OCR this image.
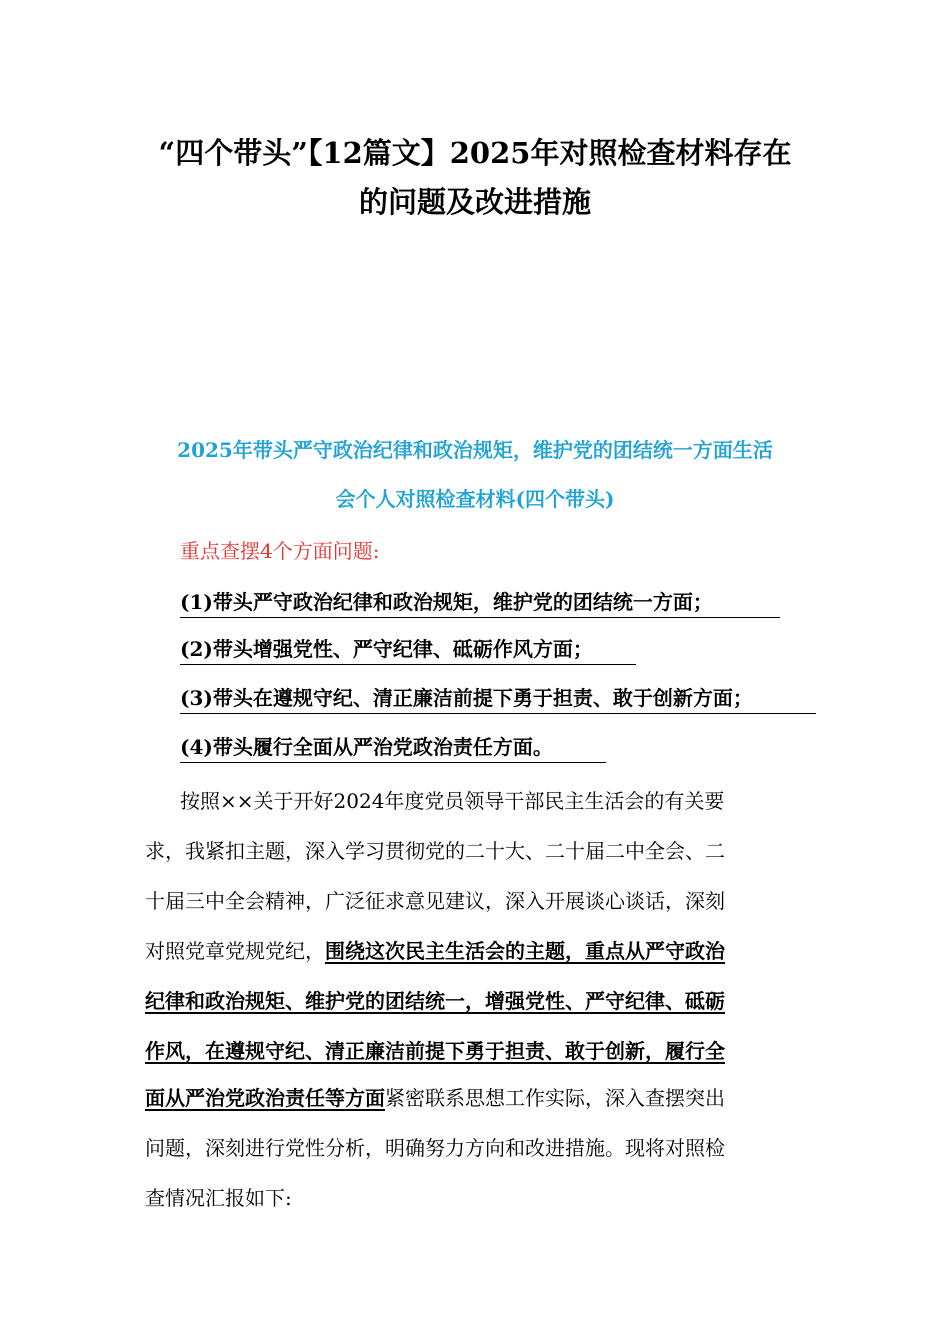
“四个带头”【12篇文】2025年对照检查材料存在
的问题及改进措施
2025年带头严守政治纪律和政治规矩，维护党的团结统一方面生活
会个人对照检查材料(四个带头)
重点查摆4个方面问题:
(1)带头严守政治纪律和政治规矩，维护党的团结统一方面；
(2)带头增强党性、严守纪律、砥砺作风方面；
(3)带头在遵规守纪、清正廉洁前提下勇于担责、敢于创新方面；
(4)带头履行全面从严治党政治责任方面。
按照××关于开好2024年度党员领导干部民主生活会的有关要
求，我紧扣主题，深入学习贯彻党的二十大、二十届二中全会、二
十届三中全会精神，广泛征求意见建议，深入开展谈心谈话，深刻
对照党章党规党纪，围绕这次民主生活会的主题，重点从严守政治
纪律和政治规矩、维护党的团结统一，增强党性、严守纪律、砥砺
作风，在遵规守纪、清正廉洁前提下勇于担责、敢于创新，履行全
面从严治党政治责任等方面紧密联系思想工作实际，深入查摆突出
问题，深刻进行党性分析，明确努力方向和改进措施。现将对照检
查情况汇报如下:
